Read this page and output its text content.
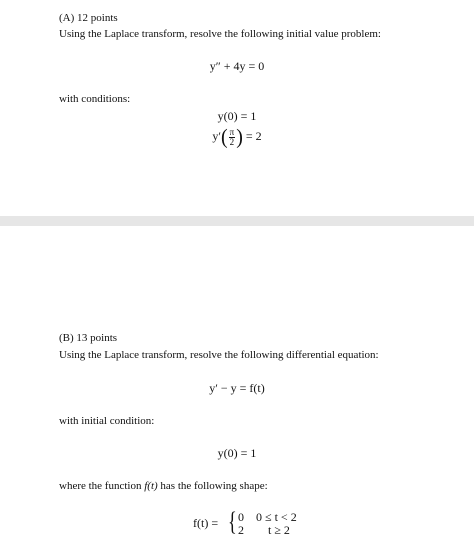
(A) 12 points
Using the Laplace transform, resolve the following initial value problem:
y″ + 4y = 0
with conditions:
y(0) = 1
$y'( \frac{\pi}{2}$ ) = 2
(B) 13 points
Using the Laplace transform, resolve the following differential equation:
y′ − y = f(t)
with initial condition:
y(0) = 1
where the function f(t) has the following shape:
f(t) = { 0 0 ≤ t < 2
2 t ≥ 2
